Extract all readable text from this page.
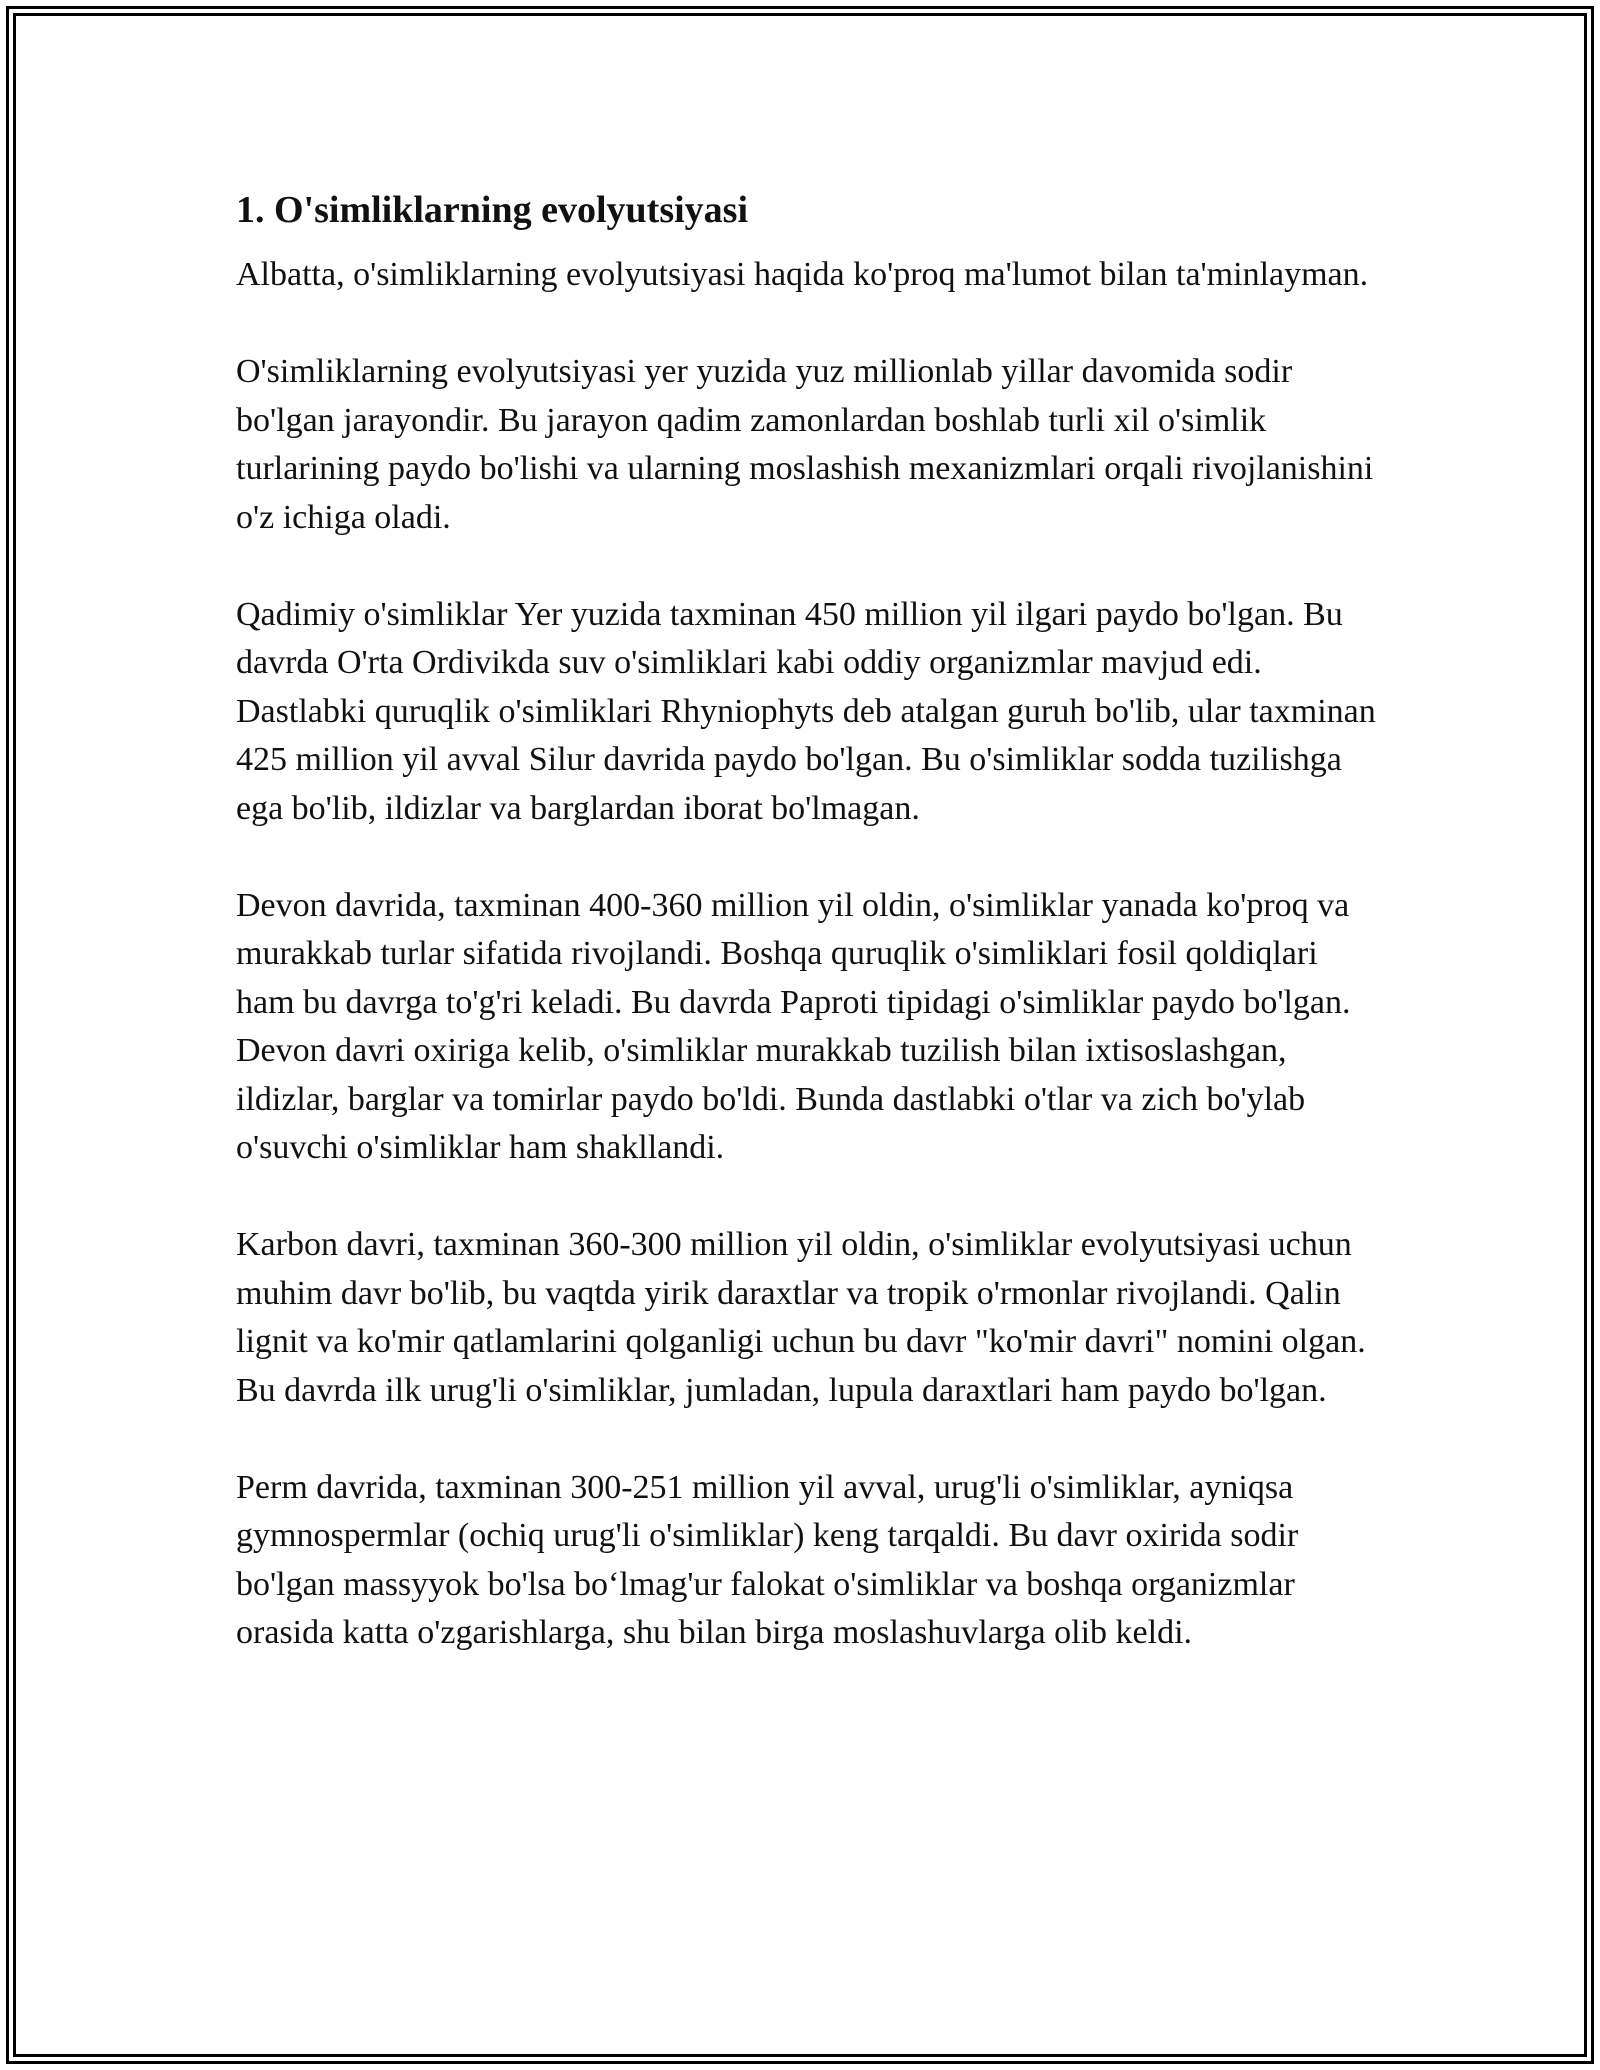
1. O'simliklarning evolyutsiyasi

Albatta, o'simliklarning evolyutsiyasi haqida ko'proq ma'lumot bilan ta'minlayman.

O'simliklarning evolyutsiyasi yer yuzida yuz millionlab yillar davomida sodir bo'lgan jarayondir. Bu jarayon qadim zamonlardan boshlab turli xil o'simlik turlarining paydo bo'lishi va ularning moslashish mexanizmlari orqali rivojlanishini o'z ichiga oladi.

Qadimiy o'simliklar Yer yuzida taxminan 450 million yil ilgari paydo bo'lgan. Bu davrda O'rta Ordivikda suv o'simliklari kabi oddiy organizmlar mavjud edi. Dastlabki quruqlik o'simliklari Rhyniophyts deb atalgan guruh bo'lib, ular taxminan 425 million yil avval Silur davrida paydo bo'lgan. Bu o'simliklar sodda tuzilishga ega bo'lib, ildizlar va barglardan iborat bo'lmagan.

Devon davrida, taxminan 400-360 million yil oldin, o'simliklar yanada ko'proq va murakkab turlar sifatida rivojlandi. Boshqa quruqlik o'simliklari fosil qoldiqlari ham bu davrga to'g'ri keladi. Bu davrda Paproti tipidagi o'simliklar paydo bo'lgan. Devon davri oxiriga kelib, o'simliklar murakkab tuzilish bilan ixtisoslashgan, ildizlar, barglar va tomirlar paydo bo'ldi. Bunda dastlabki o'tlar va zich bo'ylab o'suvchi o'simliklar ham shakllandi.

Karbon davri, taxminan 360-300 million yil oldin, o'simliklar evolyutsiyasi uchun muhim davr bo'lib, bu vaqtda yirik daraxtlar va tropik o'rmonlar rivojlandi. Qalin lignit va ko'mir qatlamlarini qolganligi uchun bu davr "ko'mir davri" nomini olgan. Bu davrda ilk urug'li o'simliklar, jumladan, lupula daraxtlari ham paydo bo'lgan.

Perm davrida, taxminan 300-251 million yil avval, urug'li o'simliklar, ayniqsa gymnospermlar (ochiq urug'li o'simliklar) keng tarqaldi. Bu davr oxirida sodir bo'lgan massyyok bo'lsa bo‘lmag'ur falokat o'simliklar va boshqa organizmlar orasida katta o'zgarishlarga, shu bilan birga moslashuvlarga olib keldi.
